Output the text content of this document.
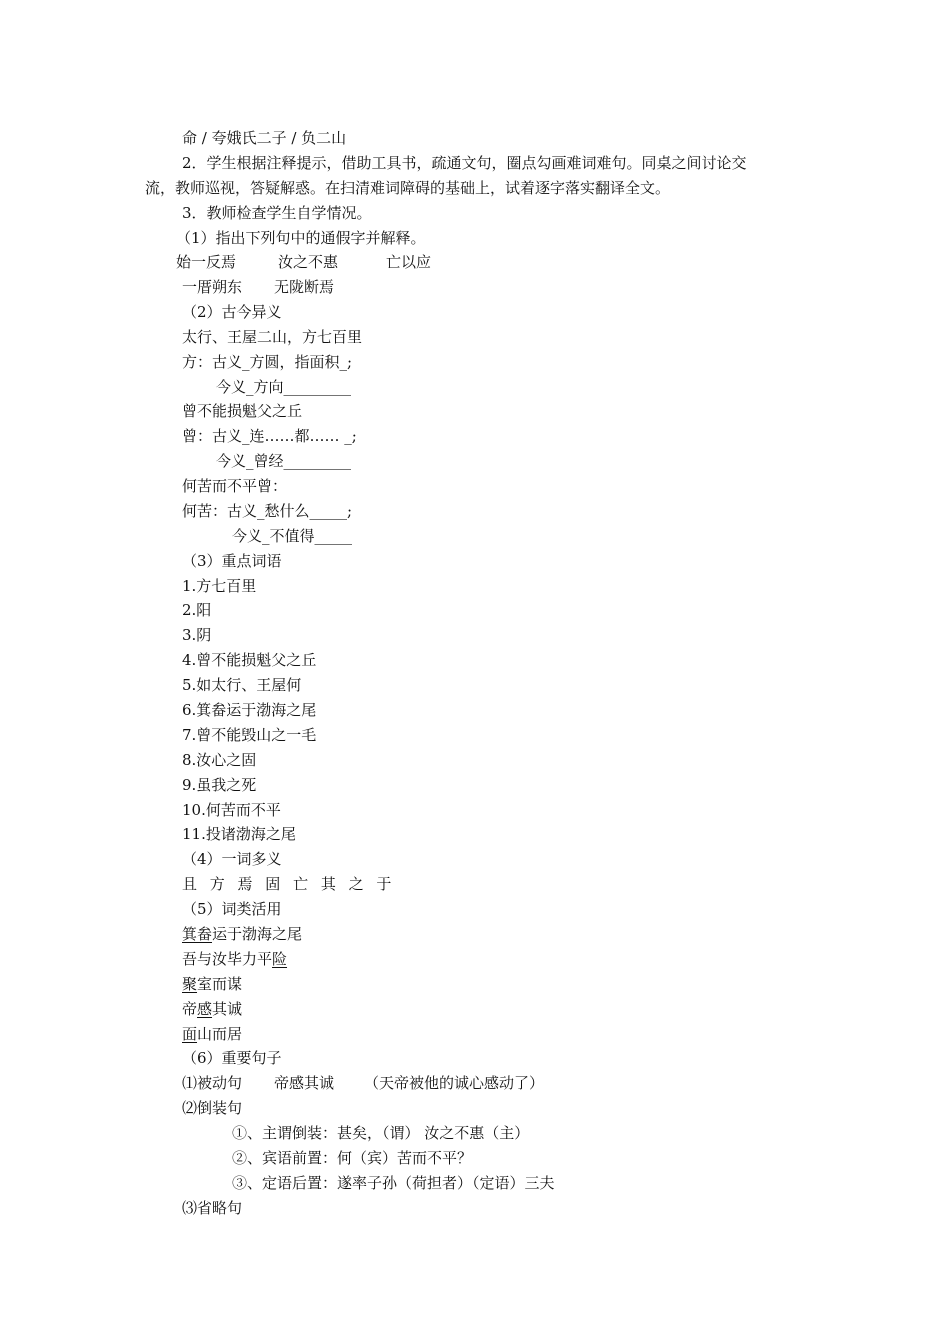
命 / 夸娥氏二子 / 负二山
2．学生根据注释提示，借助工具书，疏通文句，圈点勾画难词难句。同桌之间讨论交
流，教师巡视，答疑解惑。在扫清难词障碍的基础上，试着逐字落实翻译全文。
3．教师检查学生自学情况。
（1）指出下列句中的通假字并解释。
始一反焉	汝之不惠	亡以应
一厝朔东 无陇断焉
（2）古今异义
太行、王屋二山，方七百里
方：古义_方圆，指面积_;
今义_方向_________
曾不能损魁父之丘
曾：古义_连……都…… _;
今义_曾经_________
何苦而不平曾：
何苦：古义_愁什么_____;
今义_不值得_____
（3）重点词语
1.方七百里
2.阳
3.阴
4.曾不能损魁父之丘
5.如太行、王屋何
6.箕畚运于渤海之尾
7.曾不能毁山之一毛
8.汝心之固
9.虽我之死
10.何苦而不平
11.投诸渤海之尾
（4）一词多义
且 方 焉 固 亡 其 之 于
（5）词类活用
箕畚运于渤海之尾
吾与汝毕力平险
聚室而谋
帝感其诚
面山而居
（6）重要句子
⑴被动句 帝感其诚 （天帝被他的诚心感动了）
⑵倒装句
①、主谓倒装：甚矣，（谓） 汝之不惠（主）
②、宾语前置：何（宾）苦而不平？
③、定语后置：遂率子孙（荷担者）（定语）三夫
⑶省略句
